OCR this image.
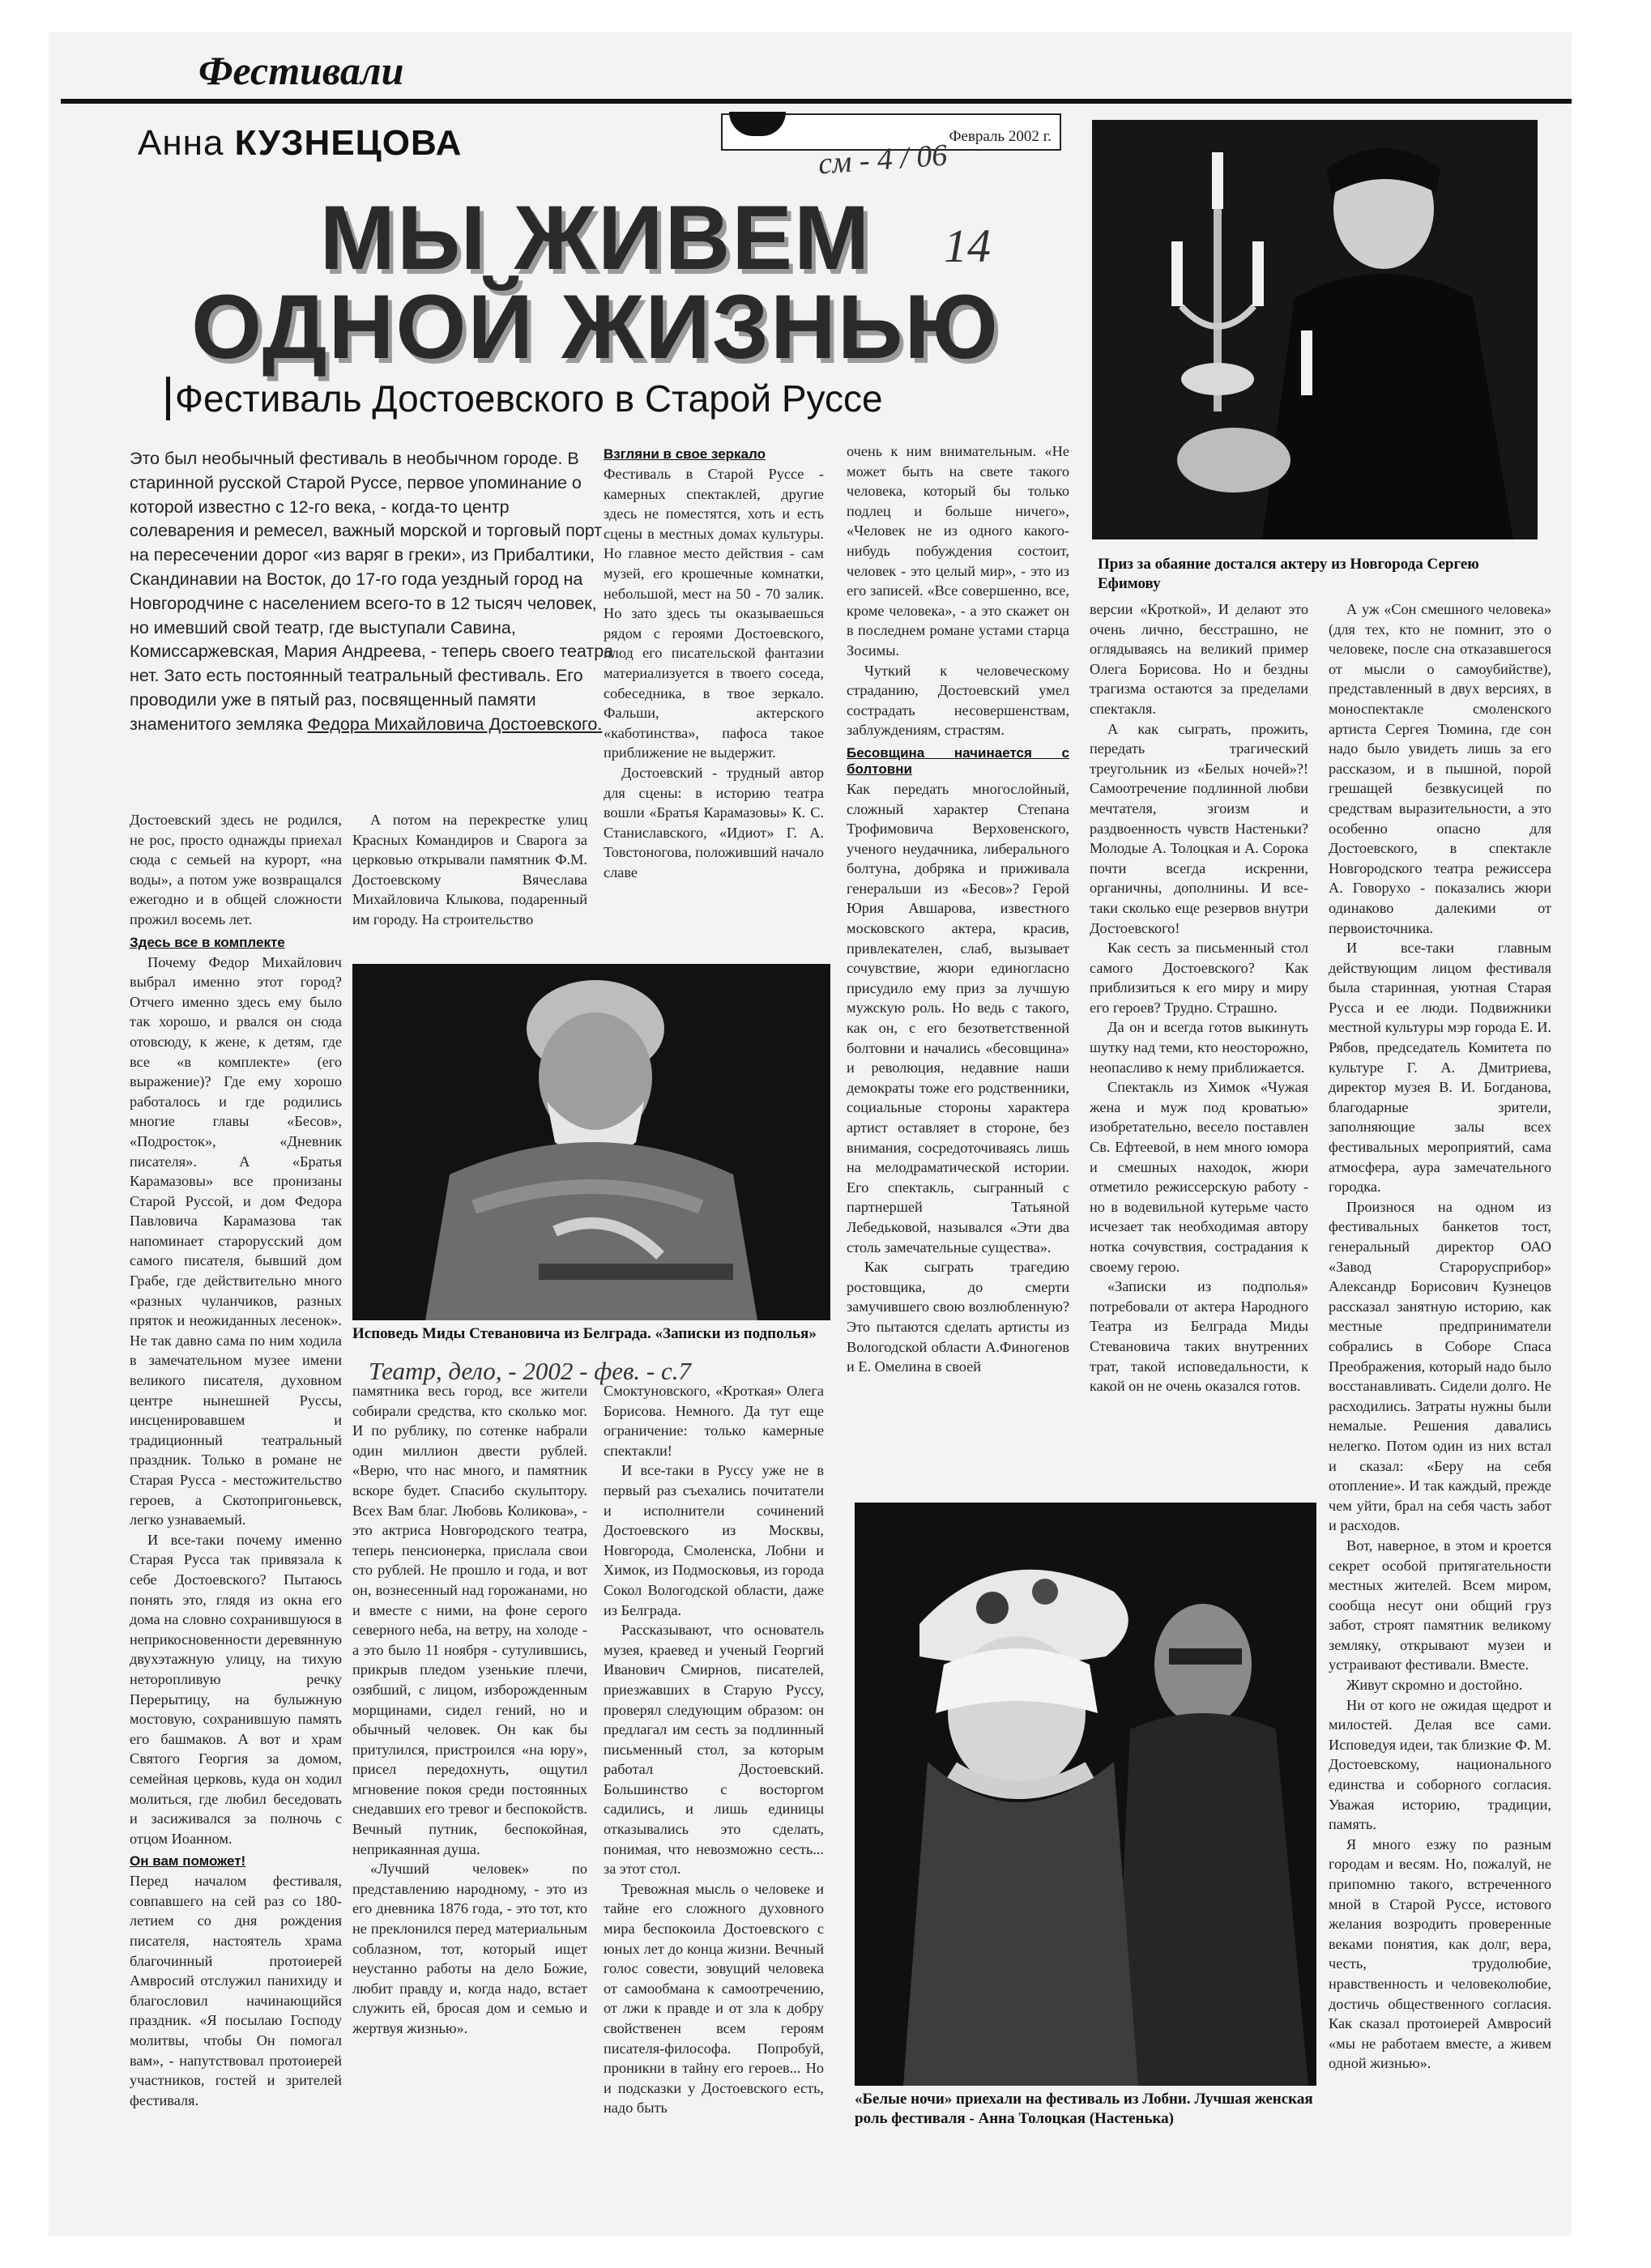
Фестивали
Анна КУЗНЕЦОВА	Февраль 2002 г.
см - 4 / 06
14
МЫ ЖИВЕМ
ОДНОЙ ЖИЗНЬЮ
Фестиваль Достоевского в Старой Руссе
Приз за обаяние достался актеру из Новгорода Сергею Ефимову
Это был необычный фестиваль в необычном городе. В старинной русской Старой Руссе, первое упоминание о которой известно с 12-го века, - когда-то центр солеварения и ремесел, важный морской и торговый порт на пересечении дорог «из варяг в греки», из Прибалтики, Скандинавии на Восток, до 17-го года уездный город на Новгородчине с населением всего-то в 12 тысяч человек, но имевший свой театр, где выступали Савина, Комиссаржевская, Мария Андреева, - теперь своего театра нет. Зато есть постоянный театральный фестиваль. Его проводили уже в пятый раз, посвященный памяти знаменитого земляка Федора Михайловича Достоевского.

Достоевский здесь не родился, не рос, просто однажды приехал сюда с семьей на курорт, «на воды», а потом уже возвращался ежегодно и в общей сложности прожил восемь лет.

Здесь все в комплекте

Почему Федор Михайлович выбрал именно этот город? Отчего именно здесь ему было так хорошо, и рвался он сюда отовсюду, к жене, к детям, где все «в комплекте» (его выражение)? Где ему хорошо работалось и где родились многие главы «Бесов», «Подросток», «Дневник писателя». А «Братья Карамазовы» все пронизаны Старой Руссой, и дом Федора Павловича Карамазова так напоминает старорусский дом самого писателя, бывший дом Грабе, где действительно много «разных чуланчиков, разных пряток и неожиданных лесенок». Не так давно сама по ним ходила в замечательном музее имени великого писателя, духовном центре нынешней Руссы, инсценировавшем и традиционный театральный праздник. Только в романе не Старая Русса - местожительство героев, а Скотопригоньевск, легко узнаваемый.

И все-таки почему именно Старая Русса так привязала к себе Достоевского? Пытаюсь понять это, глядя из окна его дома на словно сохранившуюся в неприкосновенности деревянную двухэтажную улицу, на тихую неторопливую речку Перерытицу, на булыжную мостовую, сохранившую память его башмаков. А вот и храм Святого Георгия за домом, семейная церковь, куда он ходил молиться, где любил беседовать и засиживался за полночь с отцом Иоанном.

Он вам поможет!

Перед началом фестиваля, совпавшего на сей раз со 180-летием со дня рождения писателя, настоятель храма благочинный протоиерей Амвросий отслужил панихиду и благословил начинающийся праздник. «Я посылаю Господу молитвы, чтобы Он помогал вам», - напутствовал протоиерей участников, гостей и зрителей фестиваля.

А потом на перекрестке улиц Красных Командиров и Сварога за церковью открывали памятник Ф.М. Достоевскому Вячеслава Михайловича Клыкова, подаренный им городу. На строительство

Исповедь Миды Стевановича из Белграда. «Записки из подполья»
Театр, дело, - 2002 - фев. - с.7

памятника весь город, все жители собирали средства, кто сколько мог. И по рублику, по сотенке набрали один миллион двести рублей. «Верю, что нас много, и памятник вскоре будет. Спасибо скульптору. Всех Вам благ. Любовь Коликова», - это актриса Новгородского театра, теперь пенсионерка, прислала свои сто рублей. Не прошло и года, и вот он, вознесенный над горожанами, но и вместе с ними, на фоне серого северного неба, на ветру, на холоде - а это было 11 ноября - сутулившись, прикрыв пледом узенькие плечи, озябший, с лицом, изборожденным морщинами, сидел гений, но и обычный человек. Он как бы притулился, пристроился «на юру», присел передохнуть, ощутил мгновение покоя среди постоянных снедавших его тревог и беспокойств. Вечный путник, беспокойная, неприкаянная душа.

«Лучший человек» по представлению народному, - это из его дневника 1876 года, - это тот, кто не преклонился перед материальным соблазном, тот, который ищет неустанно работы на дело Божие, любит правду и, когда надо, встает служить ей, бросая дом и семью и жертвуя жизнью».

Взгляни в свое зеркало

Фестиваль в Старой Руссе - камерных спектаклей, другие здесь не поместятся, хоть и есть сцены в местных домах культуры. Но главное место действия - сам музей, его крошечные комнатки, небольшой, мест на 50 - 70 залик. Но зато здесь ты оказываешься рядом с героями Достоевского, плод его писательской фантазии материализуется в твоего соседа, собеседника, в твое зеркало. Фальши, актерского «каботинства», пафоса такое приближение не выдержит.

Достоевский - трудный автор для сцены: в историю театра вошли «Братья Карамазовы» К. С. Станиславского, «Идиот» Г. А. Товстоногова, положивший начало славе

Смоктуновского, «Кроткая» Олега Борисова. Немного. Да тут еще ограничение: только камерные спектакли!

И все-таки в Руссу уже не в первый раз съехались почитатели и исполнители сочинений Достоевского из Москвы, Новгорода, Смоленска, Лобни и Химок, из Подмосковья, из города Сокол Вологодской области, даже из Белграда.

Рассказывают, что основатель музея, краевед и ученый Георгий Иванович Смирнов, писателей, приезжавших в Старую Руссу, проверял следующим образом: он предлагал им сесть за подлинный письменный стол, за которым работал Достоевский. Большинство с восторгом садились, и лишь единицы отказывались это сделать, понимая, что невозможно сесть... за этот стол.

Тревожная мысль о человеке и тайне его сложного духовного мира беспокоила Достоевского с юных лет до конца жизни. Вечный голос совести, зовущий человека от самообмана к самоотречению, от лжи к правде и от зла к добру свойственен всем героям писателя-философа. Попробуй, проникни в тайну его героев... Но и подсказки у Достоевского есть, надо быть

очень к ним внимательным. «Не может быть на свете такого человека, который бы только подлец и больше ничего», «Человек не из одного какого-нибудь побуждения состоит, человек - это целый мир», - это из его записей. «Все совершенно, все, кроме человека», - а это скажет он в последнем романе устами старца Зосимы.

Чуткий к человеческому страданию, Достоевский умел сострадать несовершенствам, заблуждениям, страстям.

Бесовщина начинается с болтовни

Как передать многослойный, сложный характер Степана Трофимовича Верховенского, ученого неудачника, либерального болтуна, добряка и приживала генеральши из «Бесов»? Герой Юрия Авшарова, известного московского актера, красив, привлекателен, слаб, вызывает сочувствие, жюри единогласно присудило ему приз за лучшую мужскую роль. Но ведь с такого, как он, с его безответственной болтовни и начались «бесовщина» и революция, недавние наши демократы тоже его родственники, социальные стороны характера артист оставляет в стороне, без внимания, сосредоточиваясь лишь на мелодраматической истории. Его спектакль, сыгранный с партнершей Татьяной Лебедьковой, назывался «Эти два столь замечательные существа».

Как сыграть трагедию ростовщика, до смерти замучившего свою возлюбленную? Это пытаются сделать артисты из Вологодской области А.Финогенов и Е. Омелина в своей

версии «Кроткой», И делают это очень лично, бесстрашно, не оглядываясь на великий пример Олега Борисова. Но и бездны трагизма остаются за пределами спектакля.

А как сыграть, прожить, передать трагический треугольник из «Белых ночей»?! Самоотречение подлинной любви мечтателя, эгоизм и раздвоенность чувств Настеньки? Молодые А. Толоцкая и А. Сорока почти всегда искренни, органичны, дополнины. И все-таки сколько еще резервов внутри Достоевского!

Как сесть за письменный стол самого Достоевского? Как приблизиться к его миру и миру его героев? Трудно. Страшно.

Да он и всегда готов выкинуть шутку над теми, кто неосторожно, неопасливо к нему приближается.

Спектакль из Химок «Чужая жена и муж под кроватью» изобретательно, весело поставлен Св. Ефтеевой, в нем много юмора и смешных находок, жюри отметило режиссерскую работу - но в водевильной кутерьме часто исчезает так необходимая автору нотка сочувствия, сострадания к своему герою.

«Записки из подполья» потребовали от актера Народного Театра из Белграда Миды Стевановича таких внутренних трат, такой исповедальности, к какой он не очень оказался готов.

А уж «Сон смешного человека» (для тех, кто не помнит, это о человеке, после сна отказавшегося от мысли о самоубийстве), представленный в двух версиях, в моноспектакле смоленского артиста Сергея Тюмина, где сон надо было увидеть лишь за его рассказом, и в пышной, порой грешащей безвкусицей по средствам выразительности, а это особенно опасно для Достоевского, в спектакле Новгородского театра режиссера А. Говорухо - показались жюри одинаково далекими от первоисточника.

И все-таки главным действующим лицом фестиваля была старинная, уютная Старая Русса и ее люди. Подвижники местной культуры мэр города Е. И. Рябов, председатель Комитета по культуре Г. А. Дмитриева, директор музея В. И. Богданова, благодарные зрители, заполняющие залы всех фестивальных мероприятий, сама атмосфера, аура замечательного городка.

Произнося на одном из фестивальных банкетов тост, генеральный директор ОАО «Завод Старорусприбор» Александр Борисович Кузнецов рассказал занятную историю, как местные предприниматели собрались в Соборе Спаса Преображения, который надо было восстанавливать. Сидели долго. Не расходились. Затраты нужны были немалые. Решения давались нелегко. Потом один из них встал и сказал: «Беру на себя отопление». И так каждый, прежде чем уйти, брал на себя часть забот и расходов.

Вот, наверное, в этом и кроется секрет особой притягательности местных жителей. Всем миром, сообща несут они общий груз забот, строят памятник великому земляку, открывают музеи и устраивают фестивали. Вместе.

Живут скромно и достойно.

Ни от кого не ожидая щедрот и милостей. Делая все сами. Исповедуя идеи, так близкие Ф. М. Достоевскому, национального единства и соборного согласия. Уважая историю, традиции, память.

Я много езжу по разным городам и весям. Но, пожалуй, не припомню такого, встреченного мной в Старой Руссе, истового желания возродить проверенные веками понятия, как долг, вера, честь, трудолюбие, нравственность и человеколюбие, достичь общественного согласия. Как сказал протоиерей Амвросий «мы не работаем вместе, а живем одной жизнью».

«Белые ночи» приехали на фестиваль из Лобни. Лучшая женская роль фестиваля - Анна Толоцкая (Настенька)
